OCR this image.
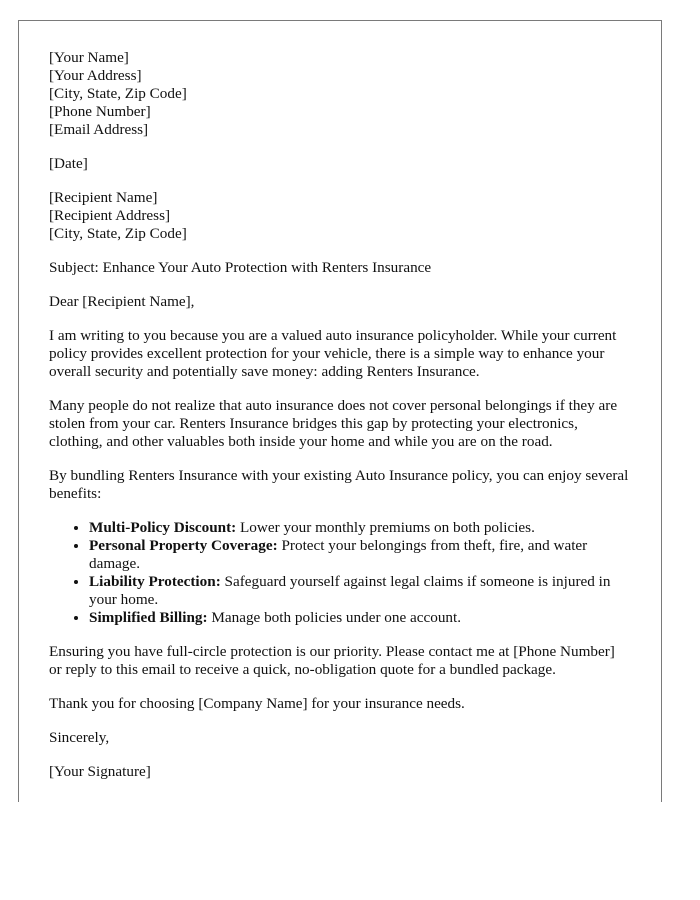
[Your Name]
[Your Address]
[City, State, Zip Code]
[Phone Number]
[Email Address]
[Date]
[Recipient Name]
[Recipient Address]
[City, State, Zip Code]

Subject: Enhance Your Auto Protection with Renters Insurance

Dear [Recipient Name],

I am writing to you because you are a valued auto insurance policyholder. While your current policy provides excellent protection for your vehicle, there is a simple way to enhance your overall security and potentially save money: adding Renters Insurance.

Many people do not realize that auto insurance does not cover personal belongings if they are stolen from your car. Renters Insurance bridges this gap by protecting your electronics, clothing, and other valuables both inside your home and while you are on the road.

By bundling Renters Insurance with your existing Auto Insurance policy, you can enjoy several benefits:

• Multi-Policy Discount: Lower your monthly premiums on both policies.
• Personal Property Coverage: Protect your belongings from theft, fire, and water damage.
• Liability Protection: Safeguard yourself against legal claims if someone is injured in your home.
• Simplified Billing: Manage both policies under one account.

Ensuring you have full-circle protection is our priority. Please contact me at [Phone Number] or reply to this email to receive a quick, no-obligation quote for a bundled package.

Thank you for choosing [Company Name] for your insurance needs.

Sincerely,

[Your Signature]
